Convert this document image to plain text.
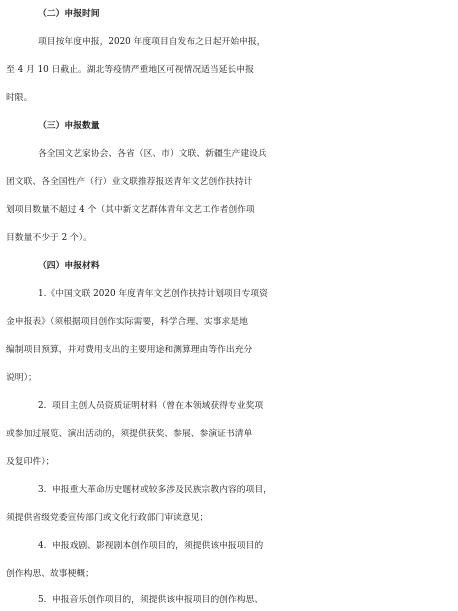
（二）申报时间
项目按年度申报，2020 年度项目自发布之日起开始申报，
至 4 月 10 日截止。湖北等疫情严重地区可视情况适当延长申报
时限。
（三）申报数量
各全国文艺家协会、各省（区、市）文联、新疆生产建设兵
团文联、各全国性产（行）业文联推荐报送青年文艺创作扶持计
划项目数量不超过 4 个（其中新文艺群体青年文艺工作者创作项
目数量不少于 2 个）。
（四）申报材料
1.《中国文联 2020 年度青年文艺创作扶持计划项目专项资
金申报表》（须根据项目创作实际需要，科学合理、实事求是地
编制项目预算，并对费用支出的主要用途和测算理由等作出充分
说明）；
2.  项目主创人员资质证明材料（曾在本领域获得专业奖项
或参加过展览、演出活动的，须提供获奖、参展、参演证书清单
及复印件）；
3.  申报重大革命历史题材或较多涉及民族宗教内容的项目，
须提供省级党委宣传部门或文化行政部门审读意见；
4.  申报戏剧、影视剧本创作项目的，须提供该申报项目的
创作构思、故事梗概；
5.  申报音乐创作项目的，须提供该申报项目的创作构思、
